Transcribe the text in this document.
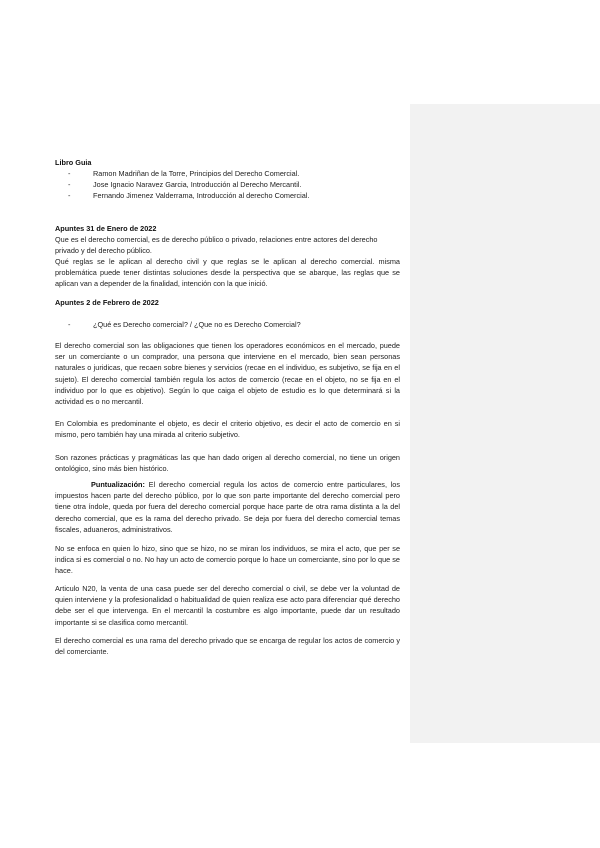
Libro Guia
-	Ramon Madriñan de la Torre, Principios del Derecho Comercial.
-	Jose Ignacio Naravez Garcia, Introducción al Derecho Mercantil.
-	Fernando Jimenez Valderrama, Introducción al derecho Comercial.
Apuntes 31 de Enero de 2022
Que es el derecho comercial, es de derecho público o privado, relaciones entre actores del derecho privado y del derecho público.
Qué reglas se le aplican al derecho civil y que reglas se le aplican al derecho comercial. misma problemática puede tener distintas soluciones desde la perspectiva que se abarque, las reglas que se aplican van a depender de la finalidad, intención con la que inició.
Apuntes 2 de Febrero de 2022
-	¿Qué es Derecho comercial? / ¿Que no es Derecho Comercial?
El derecho comercial son las obligaciones que tienen los operadores económicos en el mercado, puede ser un comerciante o un comprador, una persona que interviene en el mercado, bien sean personas naturales o juridicas, que recaen sobre bienes y servicios (recae en el individuo, es subjetivo, se fija en el sujeto). El derecho comercial también regula los actos de comercio (recae en el objeto, no se fija en el individuo por lo que es objetivo). Según lo que caiga el objeto de estudio es lo que determinará si la actividad es o no mercantil.
En Colombia es predominante el objeto, es decir el criterio objetivo, es decir el acto de comercio en si mismo, pero también hay una mirada al criterio subjetivo.
Son razones prácticas y pragmáticas las que han dado origen al derecho comercial, no tiene un origen ontológico, sino más bien histórico.
Puntualización: El derecho comercial regula los actos de comercio entre particulares, los impuestos hacen parte del derecho público, por lo que son parte importante del derecho comercial pero tiene otra índole, queda por fuera del derecho comercial porque hace parte de otra rama distinta a la del derecho comercial, que es la rama del derecho privado. Se deja por fuera del derecho comercial temas fiscales, aduaneros, administrativos.
No se enfoca en quien lo hizo, sino que se hizo, no se miran los individuos, se mira el acto, que per se indica si es comercial o no. No hay un acto de comercio porque lo hace un comerciante, sino por lo que se hace.
Articulo N20, la venta de una casa puede ser del derecho comercial o civil, se debe ver la voluntad de quien interviene y la profesionalidad o habitualidad de quien realiza ese acto para diferenciar qué derecho debe ser el que intervenga. En el mercantil la costumbre es algo importante, puede dar un resultado importante si se clasifica como mercantil.
El derecho comercial es una rama del derecho privado que se encarga de regular los actos de comercio y del comerciante.
